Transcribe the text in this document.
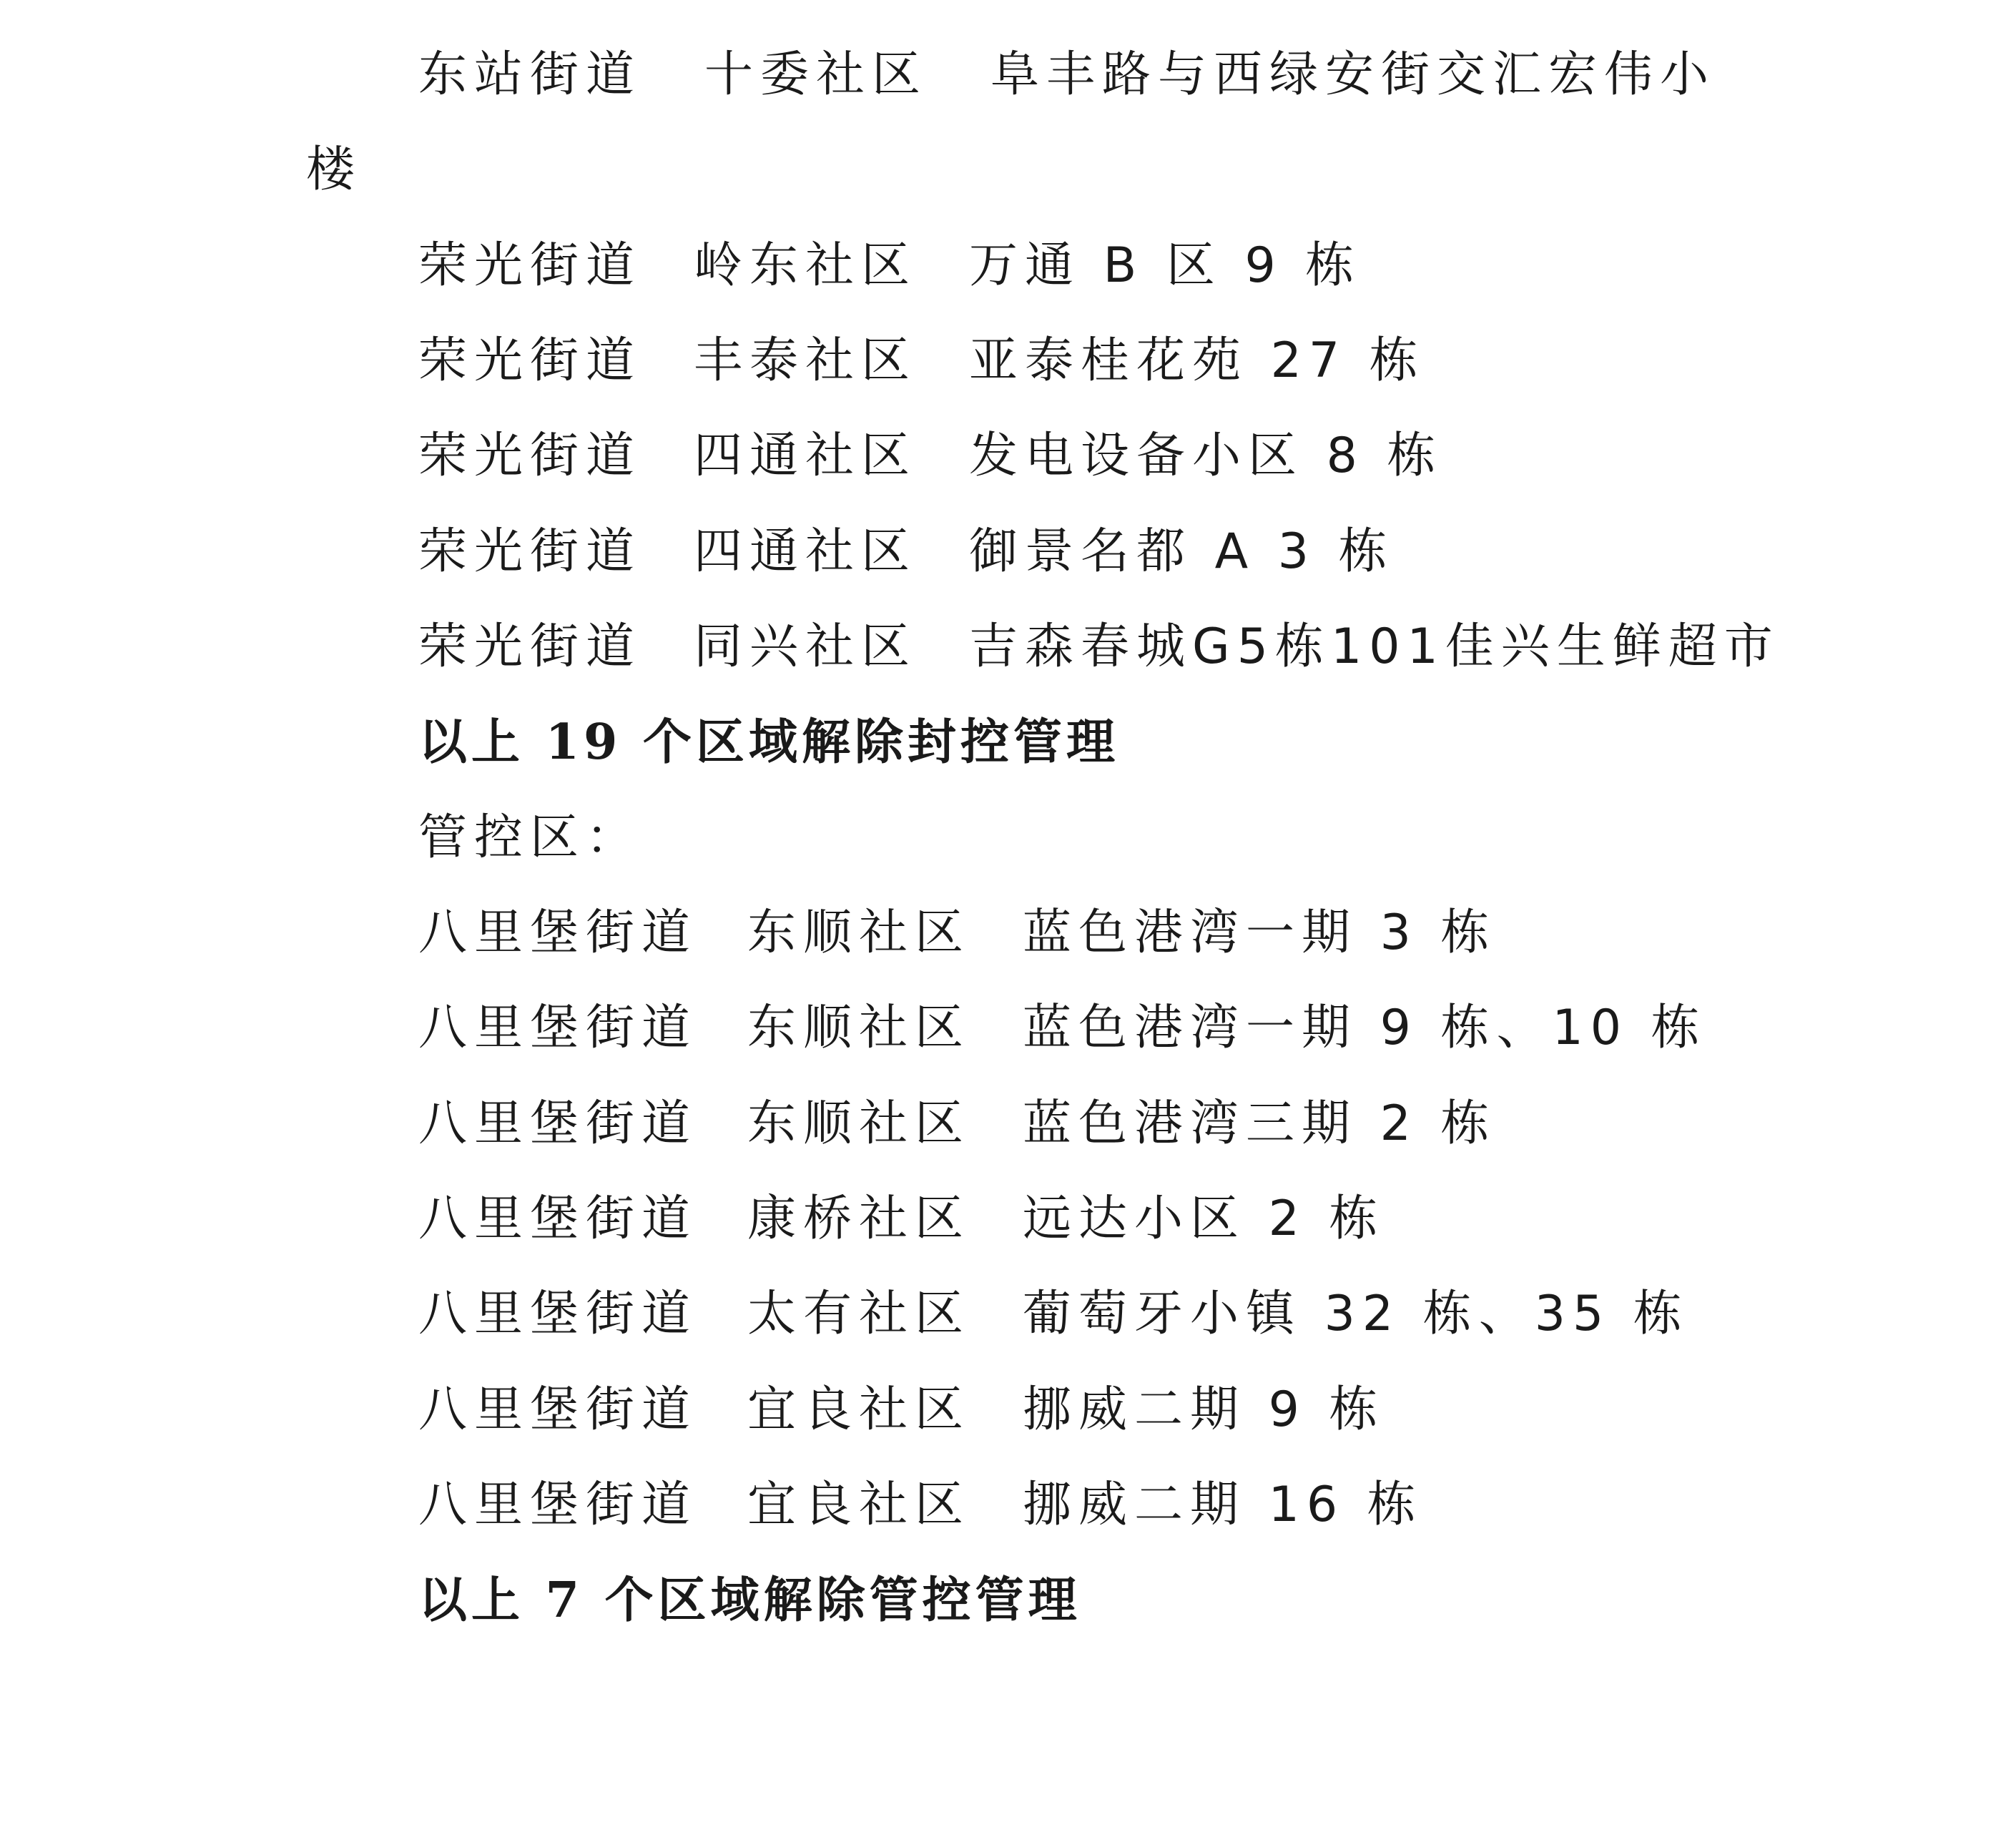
东站街道

十委社区

阜丰路与西绿安街交汇宏伟小

楼

荣光街道

岭东社区

万通 B 区 9 栋

荣光街道

丰泰社区

亚泰桂花苑 27 栋

荣光街道

四通社区

发电设备小区 8 栋

荣光街道

四通社区

御景名都 A 3 栋

荣光街道

同兴社区

吉森春城G5栋101佳兴生鲜超市

以上 19 个区域解除封控管理
管控区：

八里堡街道

东顺社区

蓝色港湾一期 3 栋

八里堡街道

东顺社区

蓝色港湾一期 9 栋、10 栋

八里堡街道

东顺社区

蓝色港湾三期 2 栋

八里堡街道

康桥社区

远达小区 2 栋

八里堡街道

太有社区

葡萄牙小镇 32 栋、35 栋

八里堡街道

宜良社区

挪威二期 9 栋

八里堡街道

宜良社区

挪威二期 16 栋

以上 7 个区域解除管控管理
